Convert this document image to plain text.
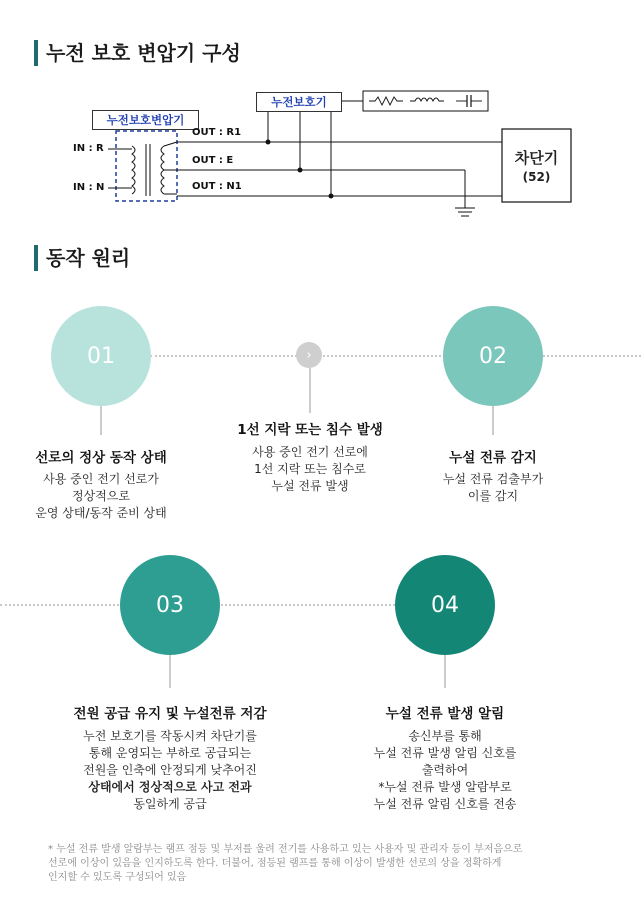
누전 보호 변압기 구성
누전보호변압기
누전보호기
IN : R
IN : N
OUT : R1
OUT : E
OUT : N1
차단기
(52)
동작 원리
01	›	02
선로의 정상 동작 상태
사용 중인 전기 선로가
정상적으로
운영 상태/동작 준비 상태
1선 지락 또는 침수 발생
사용 중인 전기 선로에
1선 지락 또는 침수로
누설 전류 발생
누설 전류 감지
누설 전류 검출부가
이를 감지
03	04
전원 공급 유지 및 누설전류 저감
누전 보호기를 작동시켜 차단기를
통해 운영되는 부하로 공급되는
전원을 인축에 안정되게 낮추어진
상태에서 정상적으로 사고 전과
동일하게 공급
누설 전류 발생 알림
송신부를 통해
누설 전류 발생 알림 신호를
출력하여
*누설 전류 발생 알람부로
누설 전류 알림 신호를 전송
* 누설 전류 발생 알람부는 램프 점등 및 부저를 울려 전기를 사용하고 있는 사용자 및 관리자 등이 부저음으로
선로에 이상이 있음을 인지하도록 한다. 더불어, 점등된 램프를 통해 이상이 발생한 선로의 상을 정확하게
인지할 수 있도록 구성되어 있음
